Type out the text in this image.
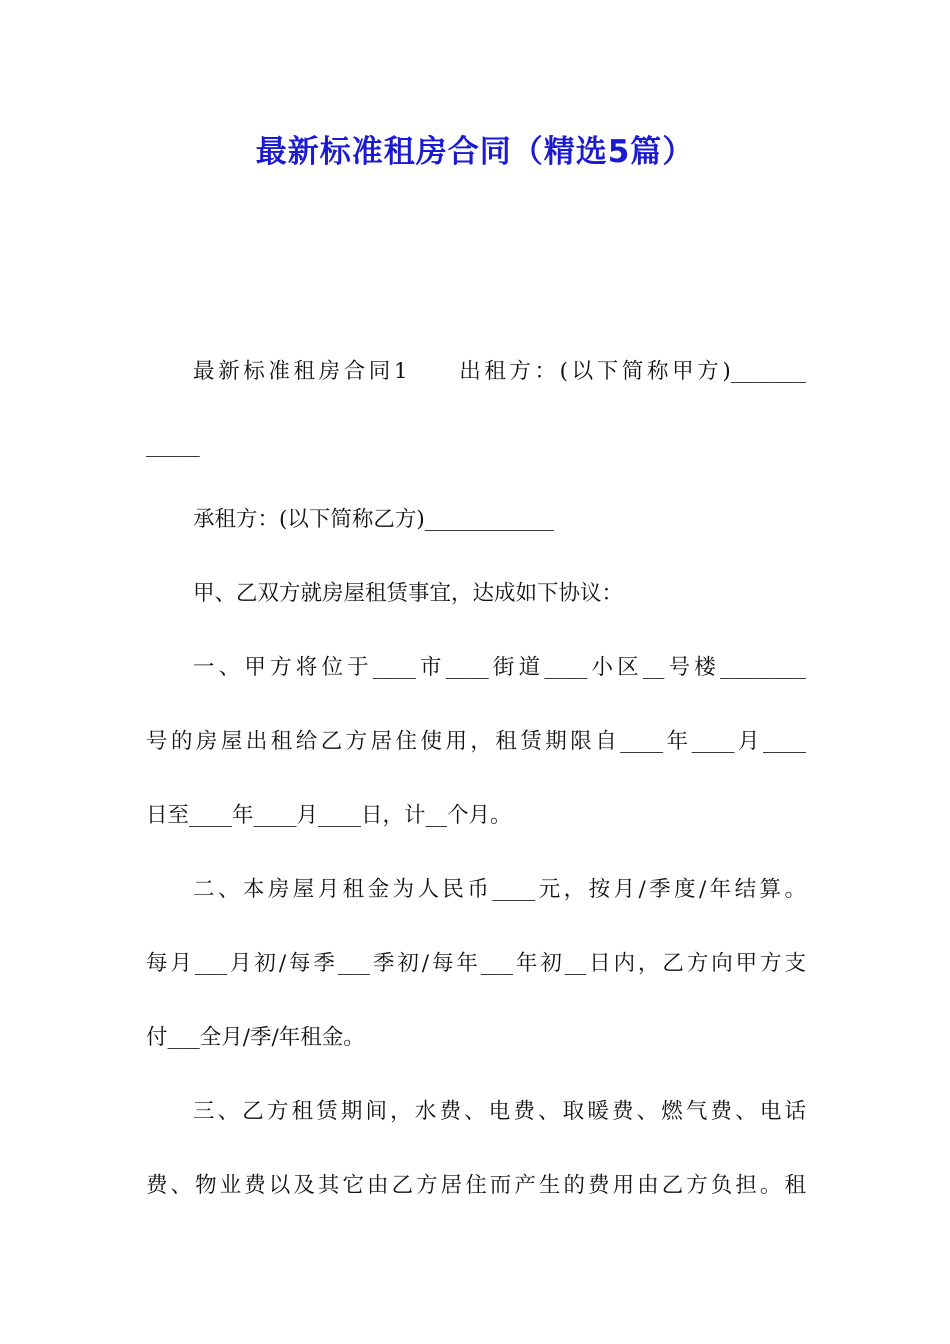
最新标准租房合同（精选5篇）
最新标准租房合同1 出租方：(以下简称甲方)_______
_____
承租方：(以下简称乙方)____________
甲、乙双方就房屋租赁事宜，达成如下协议：
一、甲方将位于____市____街道____小区__号楼________
号的房屋出租给乙方居住使用，租赁期限自____年____月____
日至____年____月____日，计__个月。
二、本房屋月租金为人民币____元，按月/季度/年结算。
每月___月初/每季___季初/每年___年初__日内，乙方向甲方支
付___全月/季/年租金。
三、乙方租赁期间，水费、电费、取暖费、燃气费、电话
费、物业费以及其它由乙方居住而产生的费用由乙方负担。租
